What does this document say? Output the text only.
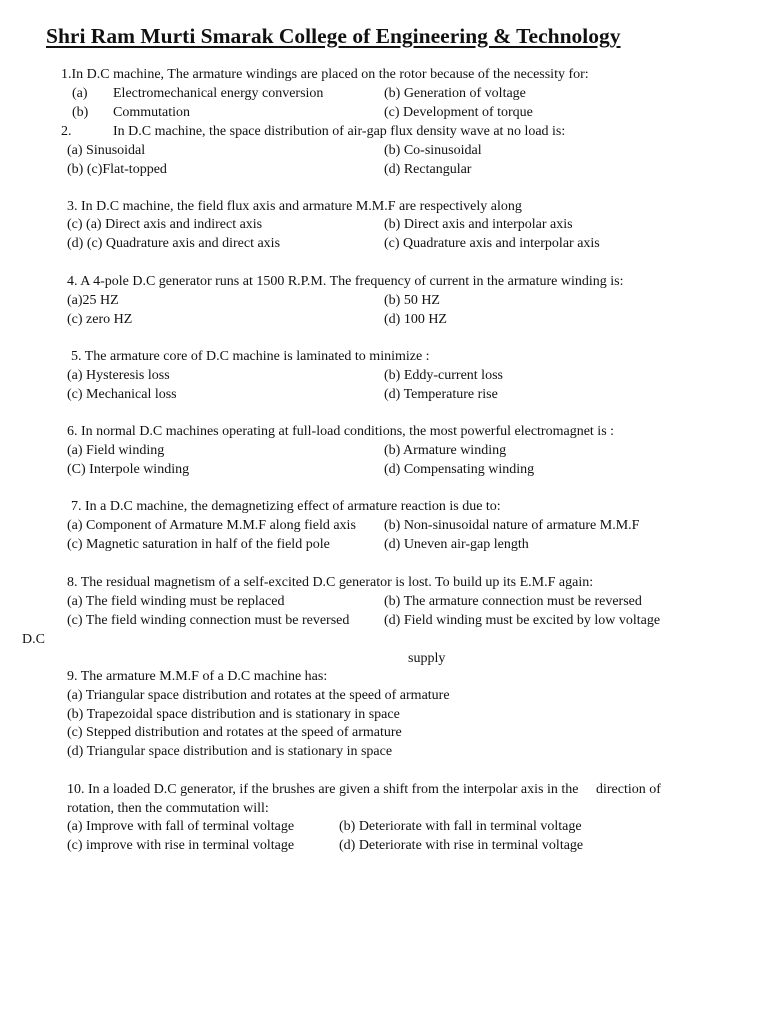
Shri Ram Murti Smarak College of Engineering & Technology
1.In D.C machine, The armature windings are placed on the rotor because of the necessity for:
(a) Electromechanical energy conversion	(b) Generation of voltage
(b) Commutation	(c) Development of torque
2.	In D.C machine, the space distribution of air-gap flux density wave at no load is:
(a) Sinusoidal	(b) Co-sinusoidal
(b) (c)Flat-topped	(d) Rectangular
3. In D.C machine, the field flux axis and armature M.M.F are respectively along
(c) (a) Direct axis and indirect axis	(b) Direct axis and interpolar axis
(d) (c) Quadrature axis and direct axis	(c) Quadrature axis and interpolar axis
4. A 4-pole D.C generator runs at 1500 R.P.M. The frequency of current in the armature winding is:
(a)25 HZ	(b) 50 HZ
(c) zero HZ	(d) 100 HZ
5. The armature core of D.C machine is laminated to minimize :
(a) Hysteresis loss	(b) Eddy-current loss
(c) Mechanical loss	(d) Temperature rise
6. In normal D.C machines operating at full-load conditions, the most powerful electromagnet is :
(a) Field winding	(b) Armature winding
(C) Interpole winding	(d) Compensating winding
7. In a D.C machine, the demagnetizing effect of armature reaction is due to:
(a) Component of Armature M.M.F along field axis (b) Non-sinusoidal nature of armature M.M.F
(c) Magnetic saturation in half of the field pole	(d) Uneven air-gap length
8. The residual magnetism of a self-excited D.C generator is lost. To build up its E.M.F again:
(a) The field winding must be replaced	(b) The armature connection must be reversed
(c) The field winding connection must be reversed (d) Field winding must be excited by low voltage
D.C
supply
9. The armature M.M.F of a D.C machine has:
(a) Triangular space distribution and rotates at the speed of armature
(b) Trapezoidal space distribution and is stationary in space
(c) Stepped distribution and rotates at the speed of armature
(d) Triangular space distribution and is stationary in space
10. In a loaded D.C generator, if the brushes are given a shift from the interpolar axis in the direction of
rotation, then the commutation will:
(a) Improve with fall of terminal voltage	(b) Deteriorate with fall in terminal voltage
(c) improve with rise in terminal voltage	(d) Deteriorate with rise in terminal voltage
